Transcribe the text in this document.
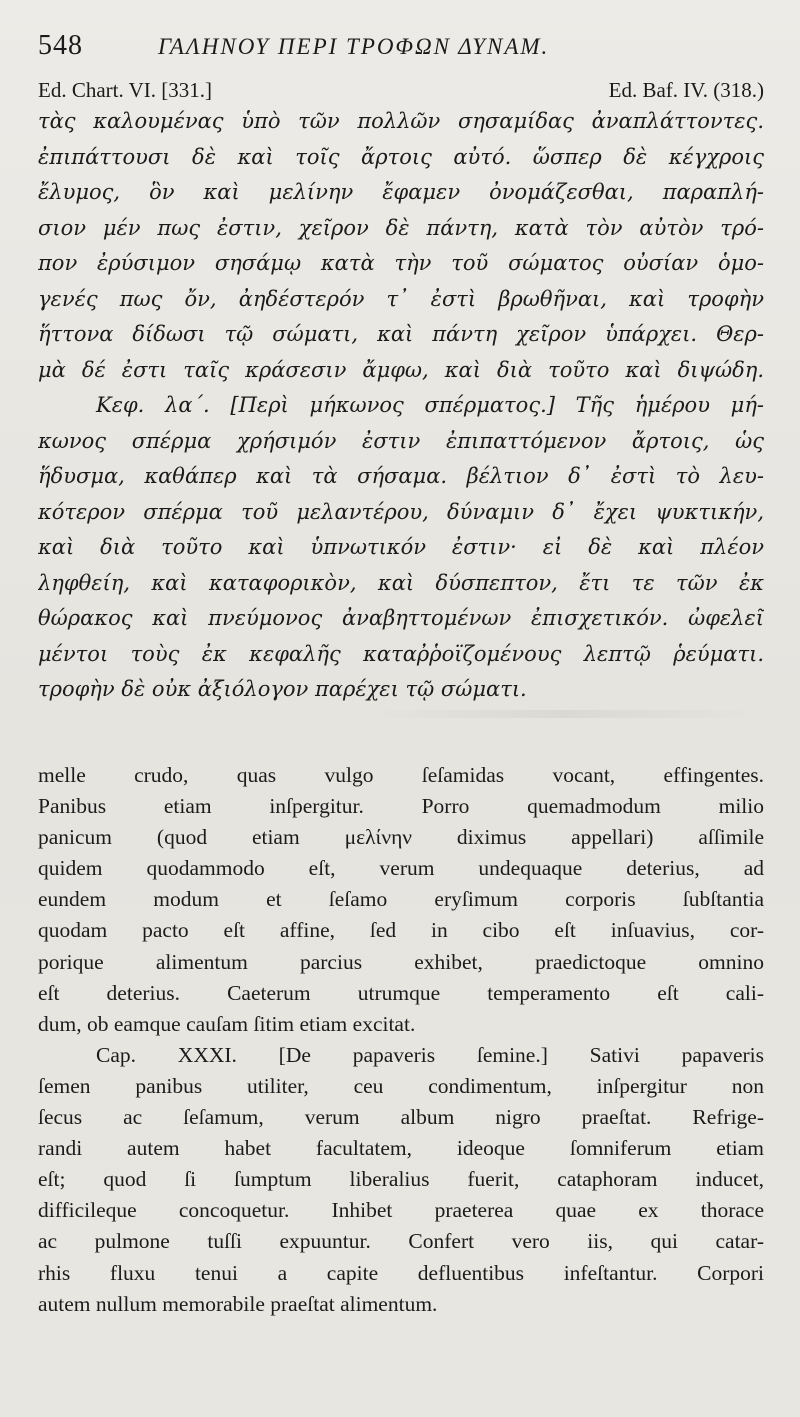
548	ΓΑΛΗΝΟΥ ΠΕΡΙ ΤΡΟΦΩΝ ΔΥΝΑΜ.
Ed. Chart. VI. [331.]	Ed. Baf. IV. (318.)
τὰς καλουμένας ὑπὸ τῶν πολλῶν σησαμίδας ἀναπλάττοντες.
ἐπιπάττουσι δὲ καὶ τοῖς ἄρτοις αὐτό. ὥσπερ δὲ κέγχροις
ἔλυμος, ὃν καὶ μελίνην ἔφαμεν ὀνομάζεσθαι, παραπλή-
σιον μέν πως ἐστιν, χεῖρον δὲ πάντη, κατὰ τὸν αὐτὸν τρό-
πον ἐρύσιμον σησάμῳ κατὰ τὴν τοῦ σώματος οὐσίαν ὁμο-
γενές πως ὄν, ἀηδέστερόν τ᾽ ἐστὶ βρωθῆναι, καὶ τροφὴν
ἥττονα δίδωσι τῷ σώματι, καὶ πάντη χεῖρον ὑπάρχει. Θερ-
μὰ δέ ἐστι ταῖς κράσεσιν ἄμφω, καὶ διὰ τοῦτο καὶ διψώδη.
Κεφ. λα΄. [Περὶ μήκωνος σπέρματος.] Τῆς ἡμέρου μή-
κωνος σπέρμα χρήσιμόν ἐστιν ἐπιπαττόμενον ἄρτοις, ὡς
ἥδυσμα, καθάπερ καὶ τὰ σήσαμα. βέλτιον δ᾽ ἐστὶ τὸ λευ-
κότερον σπέρμα τοῦ μελαντέρου, δύναμιν δ᾽ ἔχει ψυκτικήν,
καὶ διὰ τοῦτο καὶ ὑπνωτικόν ἐστιν· εἰ δὲ καὶ πλέον
ληφθείη, καὶ καταφορικὸν, καὶ δύσπεπτον, ἔτι τε τῶν ἐκ
θώρακος καὶ πνεύμονος ἀναβηττομένων ἐπισχετικόν. ὠφελεῖ
μέντοι τοὺς ἐκ κεφαλῆς καταῤῥοϊζομένους λεπτῷ ῥεύματι.
τροφὴν δὲ οὐκ ἀξιόλογον παρέχει τῷ σώματι.
melle crudo, quas vulgo ſeſamidas vocant, effingentes.
Panibus etiam inſpergitur. Porro quemadmodum milio
panicum (quod etiam μελίνην diximus appellari) aſſimile
quidem quodammodo eſt, verum undequaque deterius, ad
eundem modum et ſeſamo eryſimum corporis ſubſtantia
quodam pacto eſt affine, ſed in cibo eſt inſuavius, cor-
porique alimentum parcius exhibet, praedictoque omnino
eſt deterius. Caeterum utrumque temperamento eſt cali-
dum, ob eamque cauſam ſitim etiam excitat.
Cap. XXXI. [De papaveris ſemine.] Sativi papaveris
ſemen panibus utiliter, ceu condimentum, inſpergitur non
ſecus ac ſeſamum, verum album nigro praeſtat. Refrige-
randi autem habet facultatem, ideoque ſomniferum etiam
eſt; quod ſi ſumptum liberalius fuerit, cataphoram inducet,
difficileque concoquetur. Inhibet praeterea quae ex thorace
ac pulmone tuſſi expuuntur. Confert vero iis, qui catar-
rhis fluxu tenui a capite defluentibus infeſtantur. Corpori
autem nullum memorabile praeſtat alimentum.
